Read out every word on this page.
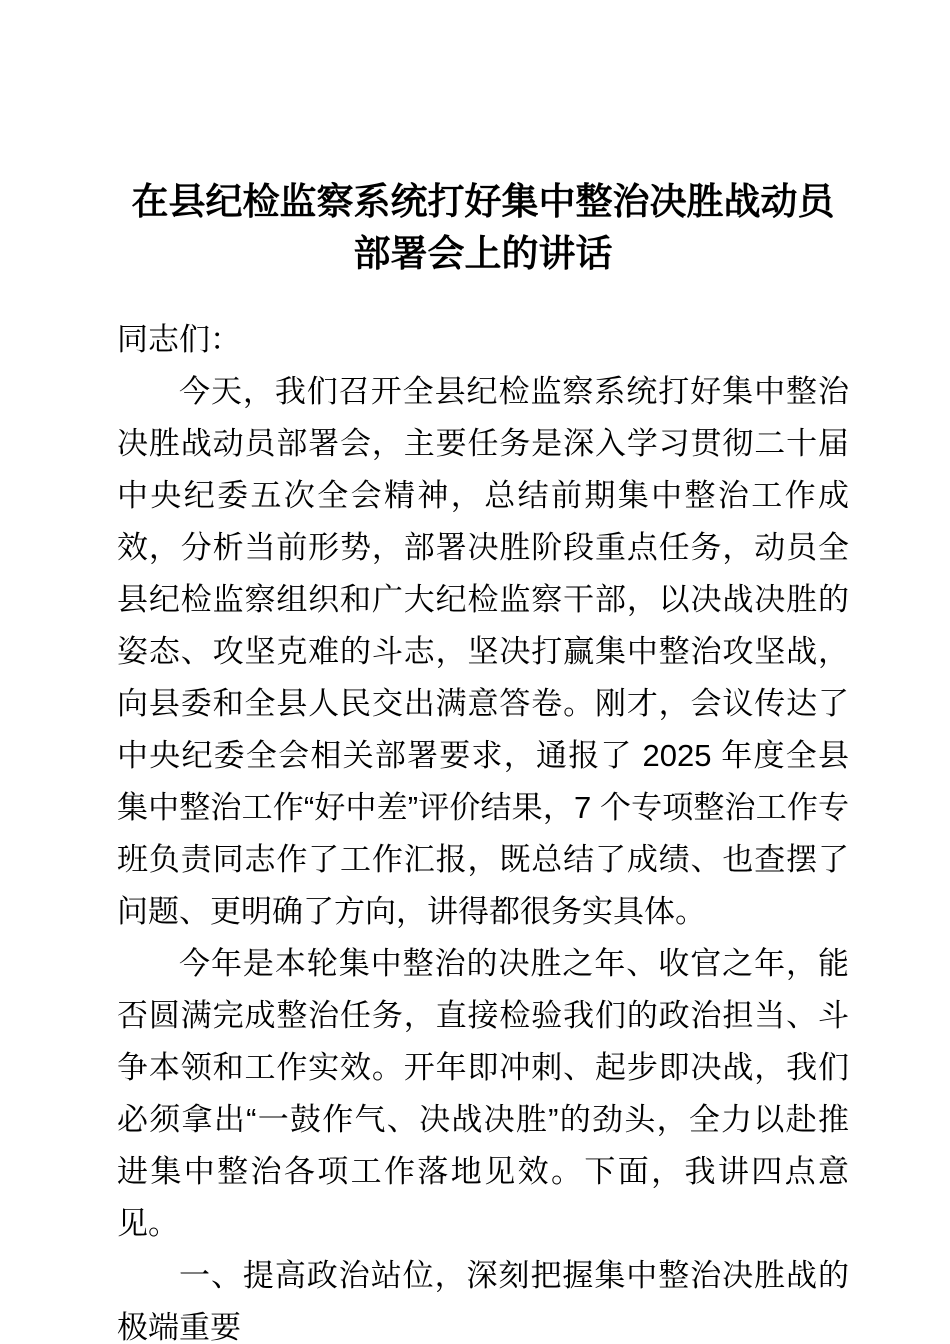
在县纪检监察系统打好集中整治决胜战动员部署会上的讲话

同志们：

今天，我们召开全县纪检监察系统打好集中整治决胜战动员部署会，主要任务是深入学习贯彻二十届中央纪委五次全会精神，总结前期集中整治工作成效，分析当前形势，部署决胜阶段重点任务，动员全县纪检监察组织和广大纪检监察干部，以决战决胜的姿态、攻坚克难的斗志，坚决打赢集中整治攻坚战，向县委和全县人民交出满意答卷。刚才，会议传达了中央纪委全会相关部署要求，通报了 2025 年度全县集中整治工作“好中差”评价结果，7 个专项整治工作专班负责同志作了工作汇报，既总结了成绩、也查摆了问题、更明确了方向，讲得都很务实具体。

今年是本轮集中整治的决胜之年、收官之年，能否圆满完成整治任务，直接检验我们的政治担当、斗争本领和工作实效。开年即冲刺、起步即决战，我们必须拿出“一鼓作气、决战决胜”的劲头，全力以赴推进集中整治各项工作落地见效。下面，我讲四点意见。

一、提高政治站位，深刻把握集中整治决胜战的极端重要
